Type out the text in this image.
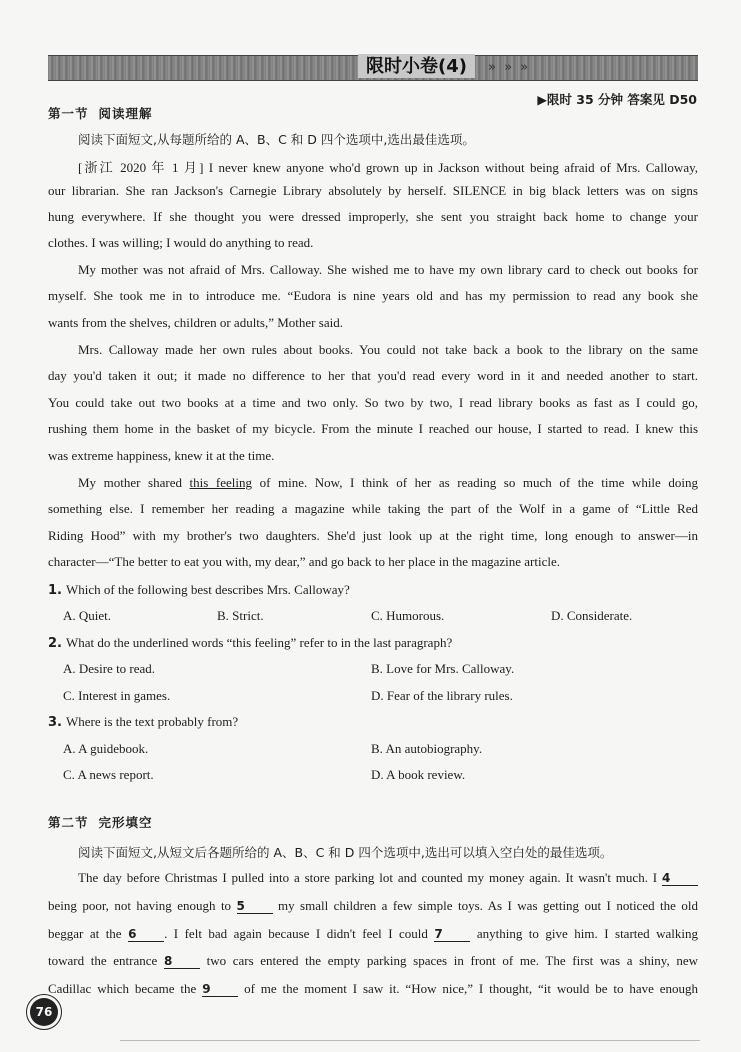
限时小卷(4)	» » »
▶限时 35 分钟 答案见 D50
第一节 阅读理解
阅读下面短文,从每题所给的 A、B、C 和 D 四个选项中,选出最佳选项。
[浙江 2020 年 1 月] I never knew anyone who'd grown up in Jackson without being afraid of Mrs. Calloway,
our librarian. She ran Jackson's Carnegie Library absolutely by herself. SILENCE in big black letters was on signs
hung everywhere. If she thought you were dressed improperly, she sent you straight back home to change your
clothes. I was willing; I would do anything to read.
My mother was not afraid of Mrs. Calloway. She wished me to have my own library card to check out books for
myself. She took me in to introduce me. “Eudora is nine years old and has my permission to read any book she
wants from the shelves, children or adults,” Mother said.
Mrs. Calloway made her own rules about books. You could not take back a book to the library on the same
day you'd taken it out; it made no difference to her that you'd read every word in it and needed another to start.
You could take out two books at a time and two only. So two by two, I read library books as fast as I could go,
rushing them home in the basket of my bicycle. From the minute I reached our house, I started to read. I knew this
was extreme happiness, knew it at the time.
My mother shared this feeling of mine. Now, I think of her as reading so much of the time while doing
something else. I remember her reading a magazine while taking the part of the Wolf in a game of “Little Red
Riding Hood” with my brother's two daughters. She'd just look up at the right time, long enough to answer—in
character—“The better to eat you with, my dear,” and go back to her place in the magazine article.
1. Which of the following best describes Mrs. Calloway?
A. Quiet.	B. Strict.	C. Humorous.	D. Considerate.
2. What do the underlined words “this feeling” refer to in the last paragraph?
A. Desire to read.	B. Love for Mrs. Calloway.
C. Interest in games.	D. Fear of the library rules.
3. Where is the text probably from?
A. A guidebook.	B. An autobiography.
C. A news report.	D. A book review.
第二节 完形填空
阅读下面短文,从短文后各题所给的 A、B、C 和 D 四个选项中,选出可以填入空白处的最佳选项。
The day before Christmas I pulled into a store parking lot and counted my money again. It wasn't much. I 4
being poor, not having enough to 5	my small children a few simple toys. As I was getting out I noticed the old
beggar at the 6 . I felt bad again because I didn't feel I could 7	anything to give him. I started walking
toward the entrance 8	two cars entered the empty parking spaces in front of me. The first was a shiny, new
Cadillac which became the 9	of me the moment I saw it. “How nice,” I thought, “it would be to have enough
76
